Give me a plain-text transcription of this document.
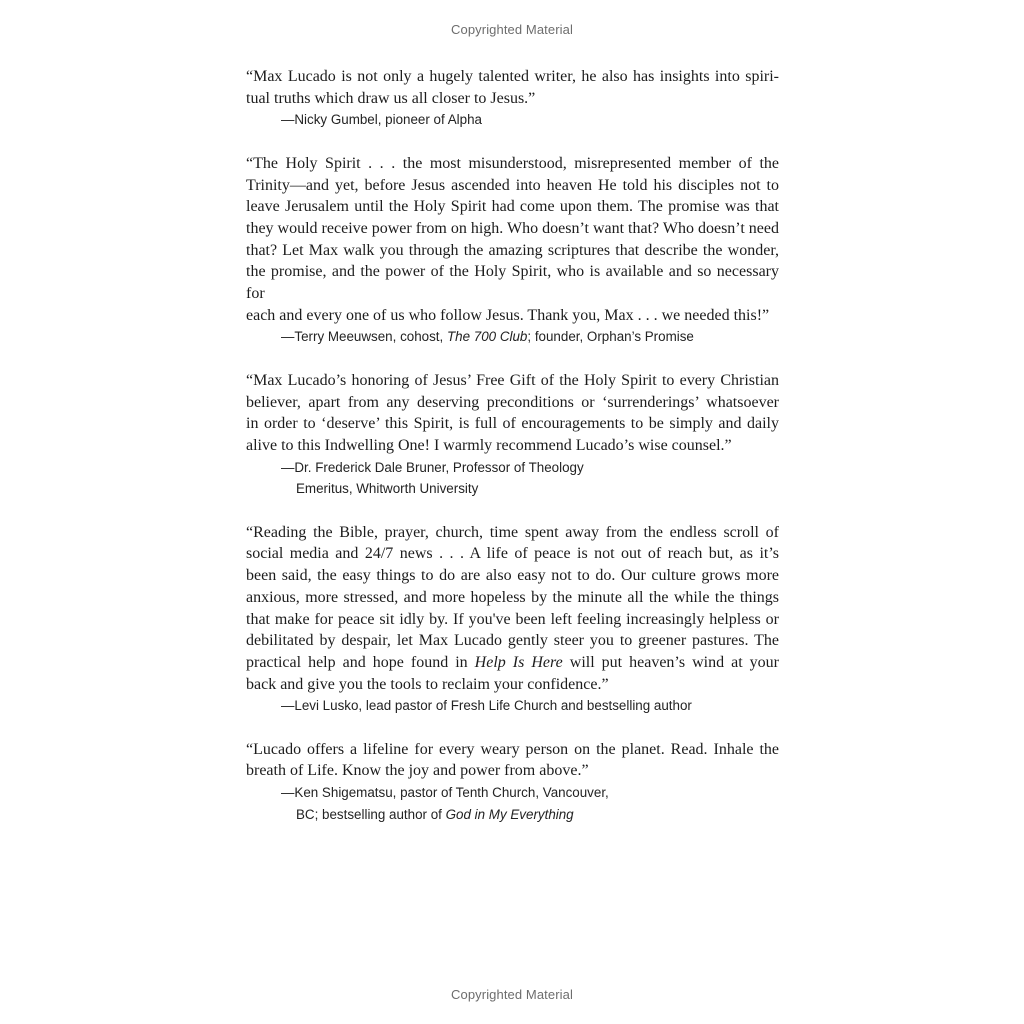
Copyrighted Material

“Max Lucado is not only a hugely talented writer, he also has insights into spiri-
tual truths which draw us all closer to Jesus.”

—Nicky Gumbel, pioneer of Alpha

“The Holy Spirit . . . the most misunderstood, misrepresented member of the
Trinity—and yet, before Jesus ascended into heaven He told his disciples not to
leave Jerusalem until the Holy Spirit had come upon them. The promise was that
they would receive power from on high. Who doesn’t want that? Who doesn’t need
that? Let Max walk you through the amazing scriptures that describe the wonder,
the promise, and the power of the Holy Spirit, who is available and so necessary for
each and every one of us who follow Jesus. Thank you, Max . . . we needed this!”

—Terry Meeuwsen, cohost, The 700 Club; founder, Orphan’s Promise

“Max Lucado’s honoring of Jesus’ Free Gift of the Holy Spirit to every Christian
believer, apart from any deserving preconditions or ‘surrenderings’ whatsoever
in order to ‘deserve’ this Spirit, is full of encouragements to be simply and daily
alive to this Indwelling One! I warmly recommend Lucado’s wise counsel.”

—Dr. Frederick Dale Bruner, Professor of Theology
Emeritus, Whitworth University

“Reading the Bible, prayer, church, time spent away from the endless scroll of
social media and 24/7 news . . . A life of peace is not out of reach but, as it’s
been said, the easy things to do are also easy not to do. Our culture grows more
anxious, more stressed, and more hopeless by the minute all the while the things
that make for peace sit idly by. If you've been left feeling increasingly helpless or
debilitated by despair, let Max Lucado gently steer you to greener pastures. The
practical help and hope found in Help Is Here will put heaven’s wind at your
back and give you the tools to reclaim your confidence.”

—Levi Lusko, lead pastor of Fresh Life Church and bestselling author

“Lucado offers a lifeline for every weary person on the planet. Read. Inhale the
breath of Life. Know the joy and power from above.”

—Ken Shigematsu, pastor of Tenth Church, Vancouver,
BC; bestselling author of God in My Everything

Copyrighted Material
